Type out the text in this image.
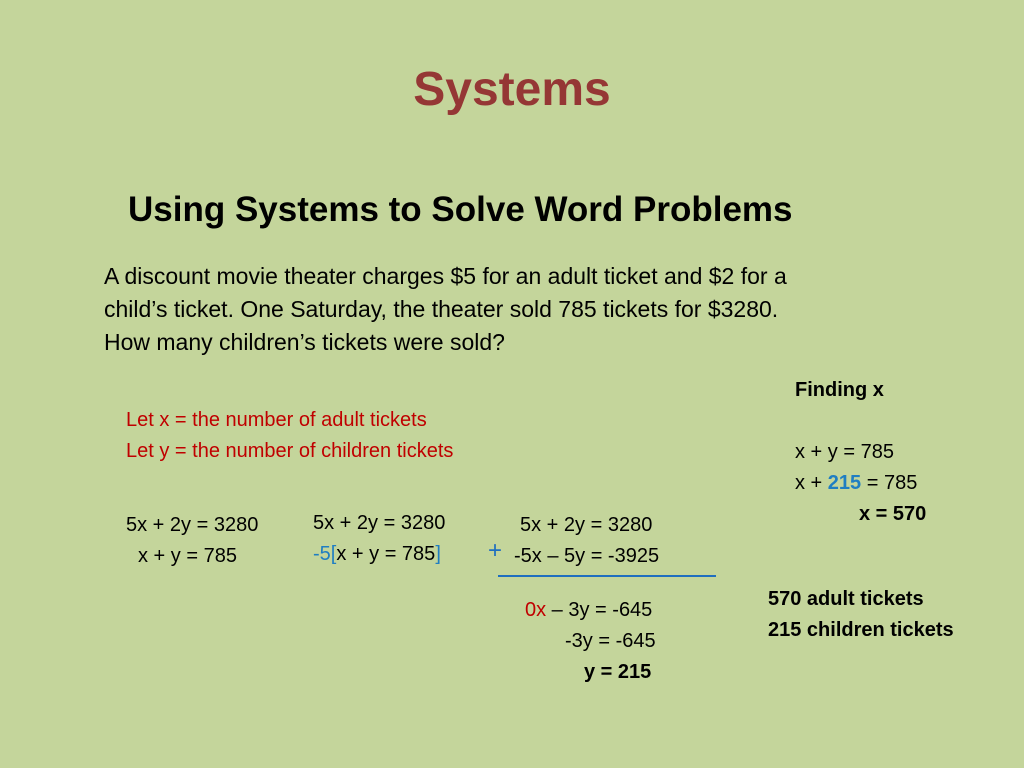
Systems
Using Systems to Solve Word Problems
A discount movie theater charges $5 for an adult ticket and $2 for a
child’s ticket. One Saturday, the theater sold 785 tickets for $3280.
How many children’s tickets were sold?
Let x = the number of adult tickets
Let y = the number of children tickets
5x + 2y = 3280
x + y = 785
5x + 2y = 3280
-5[x + y = 785] +
5x + 2y = 3280
-5x – 5y = -3925
0x – 3y = -645
-3y = -645
y = 215
Finding x
x + y = 785
x + 215 = 785
x = 570
570 adult tickets
215 children tickets
